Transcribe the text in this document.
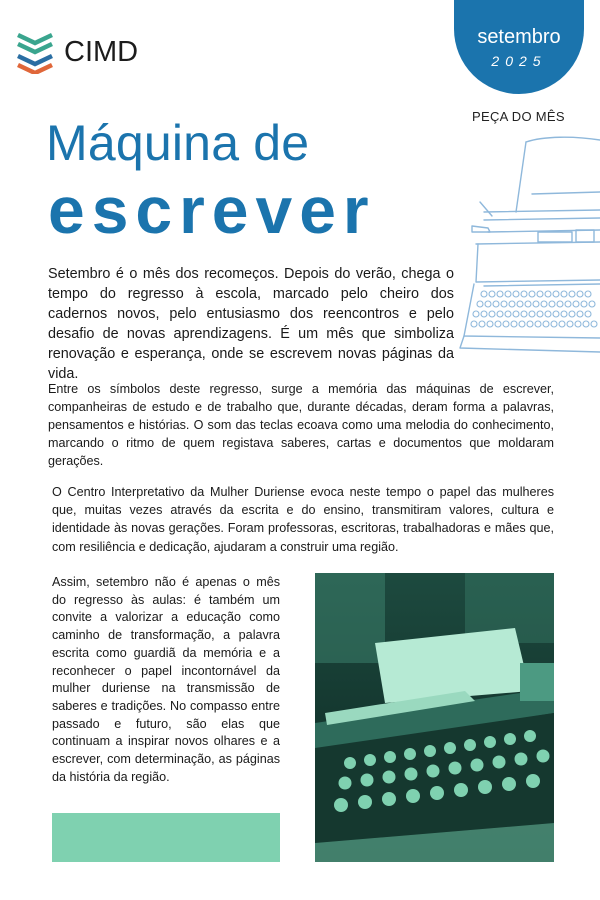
CIMD	setembro
2025
PEÇA DO MÊS
Máquina de
escrever

Setembro é o mês dos recomeços. Depois do verão, chega o tempo do regresso à escola, marcado pelo cheiro dos cadernos novos, pelo entusiasmo dos reencontros e pelo desafio de novas aprendizagens. É um mês que simboliza renovação e esperança, onde se escrevem novas páginas da vida.

Entre os símbolos deste regresso, surge a memória das máquinas de escrever, companheiras de estudo e de trabalho que, durante décadas, deram forma a palavras, pensamentos e histórias. O som das teclas ecoava como uma melodia do conhecimento, marcando o ritmo de quem registava saberes, cartas e documentos que moldaram gerações.

O Centro Interpretativo da Mulher Duriense evoca neste tempo o papel das mulheres que, muitas vezes através da escrita e do ensino, transmitiram valores, cultura e identidade às novas gerações. Foram professoras, escritoras, trabalhadoras e mães que, com resiliência e dedicação, ajudaram a construir uma região.

Assim, setembro não é apenas o mês do regresso às aulas: é também um convite a valorizar a educação como caminho de transformação, a palavra escrita como guardiã da memória e a reconhecer o papel incontornável da mulher duriense na transmissão de saberes e tradições. No compasso entre passado e futuro, são elas que continuam a inspirar novos olhares e a escrever, com determinação, as páginas da história da região.
